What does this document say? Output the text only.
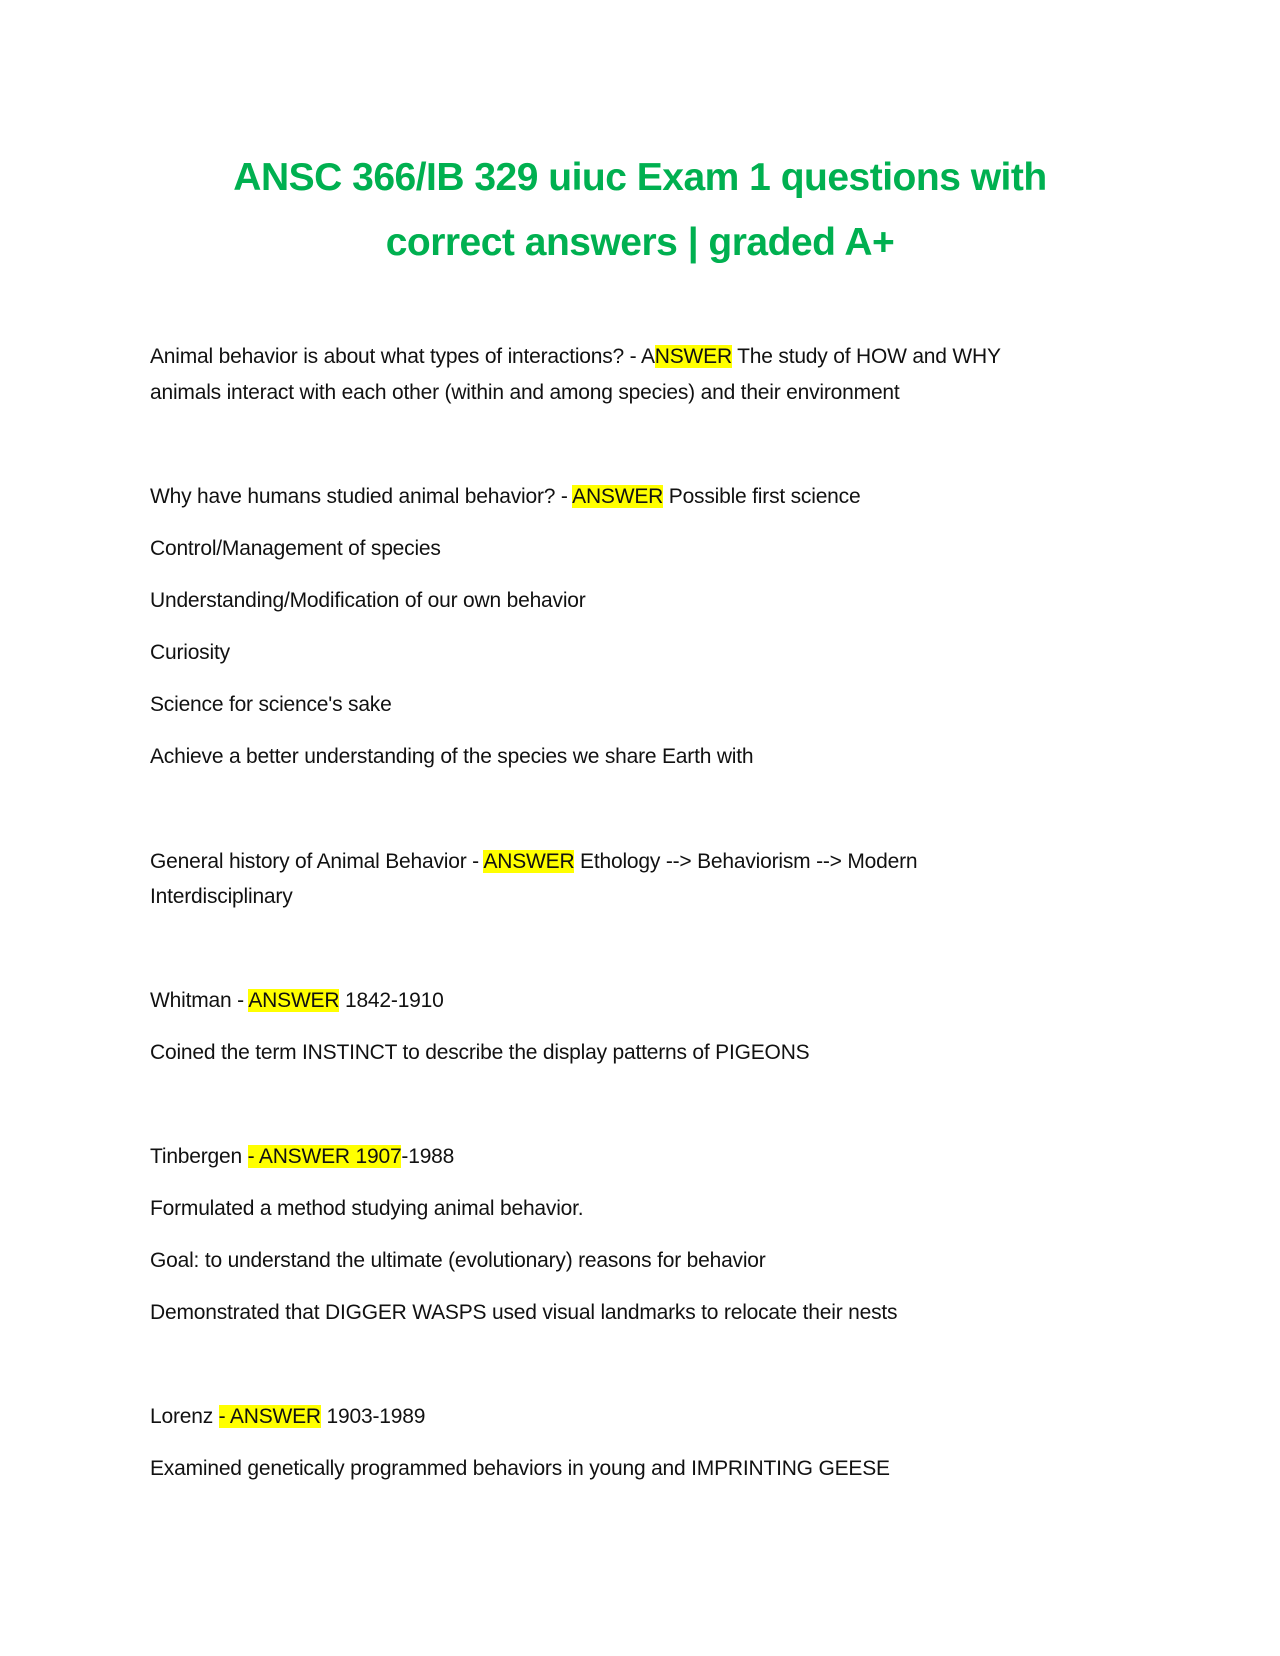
ANSC 366/IB 329 uiuc Exam 1 questions with
correct answers | graded A+
Animal behavior is about what types of interactions? - ANSWER The study of HOW and WHY
animals interact with each other (within and among species) and their environment
Why have humans studied animal behavior? - ANSWER Possible first science
Control/Management of species
Understanding/Modification of our own behavior
Curiosity
Science for science's sake
Achieve a better understanding of the species we share Earth with
General history of Animal Behavior - ANSWER Ethology --> Behaviorism --> Modern
Interdisciplinary
Whitman - ANSWER 1842-1910
Coined the term INSTINCT to describe the display patterns of PIGEONS
Tinbergen - ANSWER 1907-1988
Formulated a method studying animal behavior.
Goal: to understand the ultimate (evolutionary) reasons for behavior
Demonstrated that DIGGER WASPS used visual landmarks to relocate their nests
Lorenz - ANSWER 1903-1989
Examined genetically programmed behaviors in young and IMPRINTING GEESE
